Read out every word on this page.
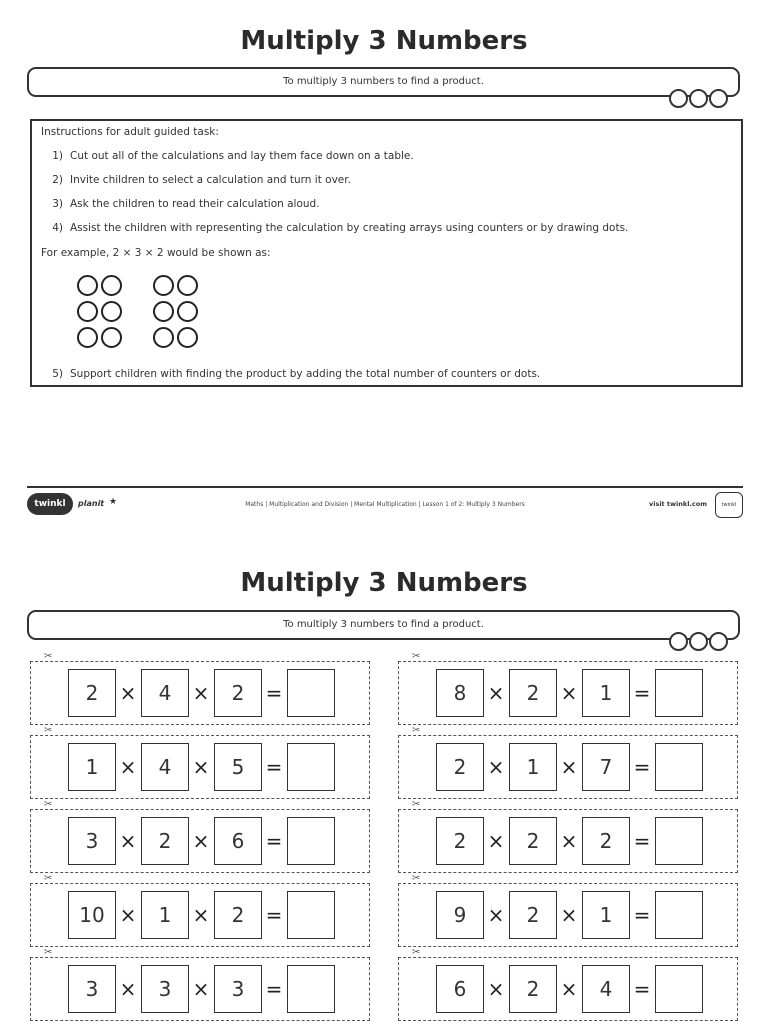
Multiply 3 Numbers
To multiply 3 numbers to find a product.
Instructions for adult guided task:
1) Cut out all of the calculations and lay them face down on a table.
2) Invite children to select a calculation and turn it over.
3) Ask the children to read their calculation aloud.
4) Assist the children with representing the calculation by creating arrays using counters or by drawing dots.
For example, 2 × 3 × 2 would be shown as:
5) Support children with finding the product by adding the total number of counters or dots.
twinkl	planit ★	Maths | Multiplication and Division | Mental Multiplication | Lesson 1 of 2: Multiply 3 Numbers	visit twinkl.com	twinkl
Multiply 3 Numbers
To multiply 3 numbers to find a product.
✂
2	4	2
×	×	=
✂
1	4	5
×	×	=
✂
3	2	6
×	×	=
✂
10	1	2
×	×	=
✂
3	3	3
×	×	=
✂
8	2	1
×	×	=
✂
2	1	7
×	×	=
✂
2	2	2
×	×	=
✂
9	2	1
×	×	=
✂
6	2	4
×	×	=
